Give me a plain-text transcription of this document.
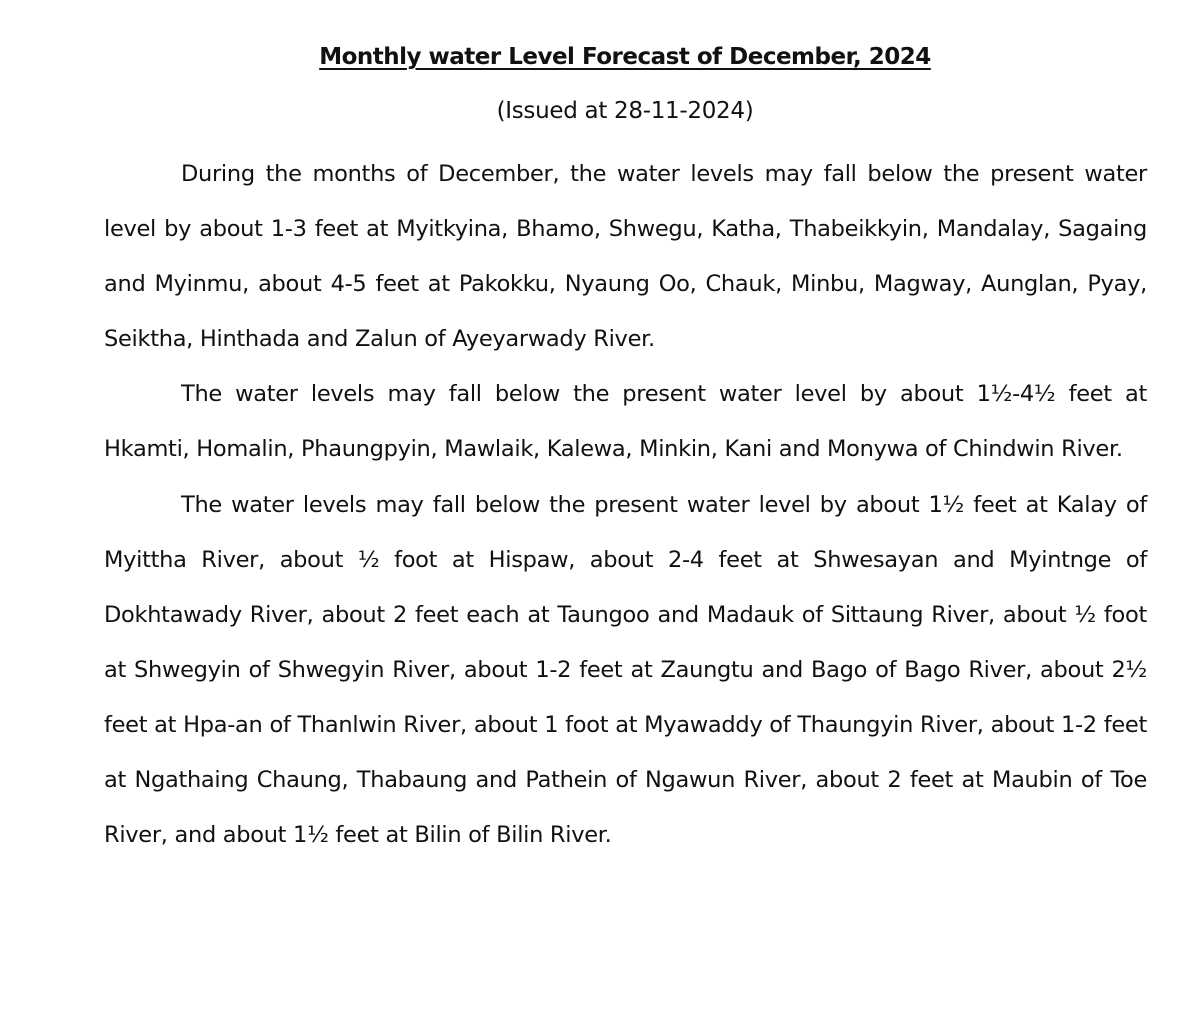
Monthly water Level Forecast of December, 2024

(Issued at 28-11-2024)

During the months of December, the water levels may fall below the present water level by about 1-3 feet at Myitkyina, Bhamo, Shwegu, Katha, Thabeikkyin, Mandalay, Sagaing and Myinmu, about 4-5 feet at Pakokku, Nyaung Oo, Chauk, Minbu, Magway, Aunglan, Pyay, Seiktha, Hinthada and Zalun of Ayeyarwady River.

The water levels may fall below the present water level by about 1½-4½ feet at Hkamti, Homalin, Phaungpyin, Mawlaik, Kalewa, Minkin, Kani and Monywa of Chindwin River.

The water levels may fall below the present water level by about 1½ feet at Kalay of Myittha River, about ½ foot at Hispaw, about 2-4 feet at Shwesayan and Myintnge of Dokhtawady River, about 2 feet each at Taungoo and Madauk of Sittaung River, about ½ foot at Shwegyin of Shwegyin River, about 1-2 feet at Zaungtu and Bago of Bago River, about 2½ feet at Hpa-an of Thanlwin River, about 1 foot at Myawaddy of Thaungyin River, about 1-2 feet at Ngathaing Chaung, Thabaung and Pathein of Ngawun River, about 2 feet at Maubin of Toe River, and about 1½ feet at Bilin of Bilin River.
